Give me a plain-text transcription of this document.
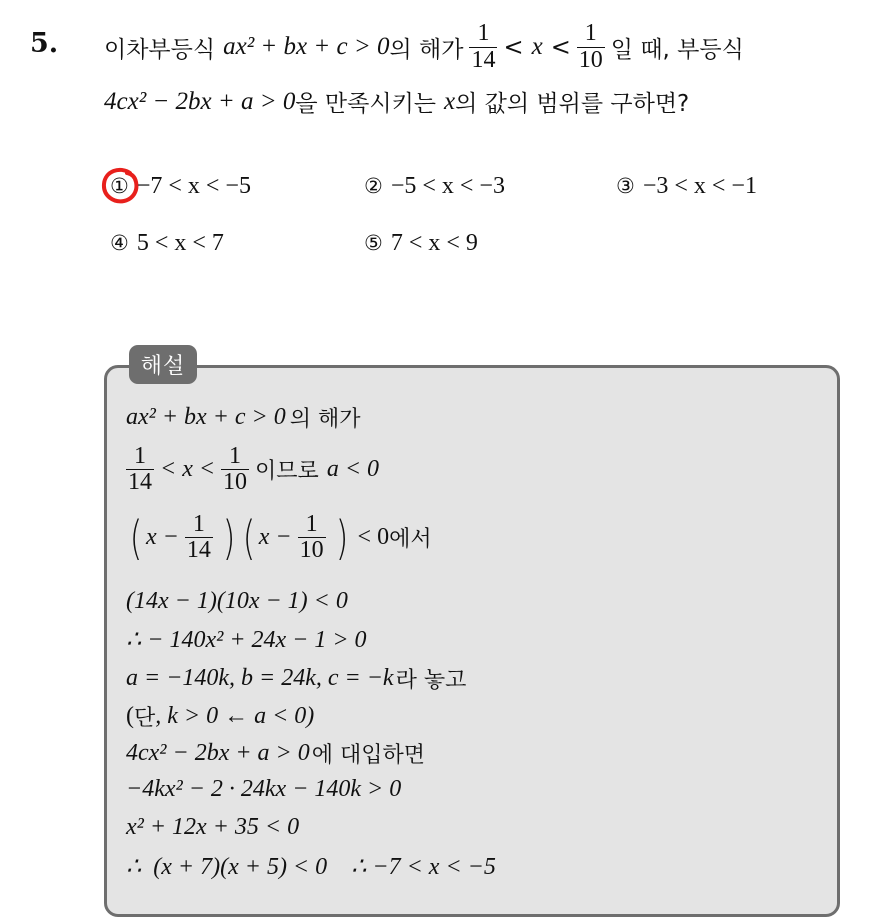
5. 이차부등식 ax² + bx + c > 0 의 해가 $\frac{1}{14} < x < \frac{1}{10}$ 일 때, 부등식
4cx² − 2bx + a > 0 을 만족시키는 x 의 값의 범위를 구하면?
① −7 < x < −5	② −5 < x < −3	③ −3 < x < −1
④ 5 < x < 7	⑤ 7 < x < 9
해설
ax² + bx + c > 0 의 해가
$\frac{1}{14} < x < \frac{1}{10}$ 이므로 a < 0
( $x - \frac{1}{14}$ ) ( $x - \frac{1}{10}$ ) < 0 에서
(14x − 1)(10x − 1) < 0
∴ − 140x² + 24x − 1 > 0
a = −140k, b = 24k, c = −k 라 놓고
( 단 , k > 0 ← a < 0)
4cx² − 2bx + a > 0 에 대입하면
−4kx² − 2 · 24kx − 140k > 0
x² + 12x + 35 < 0
∴  (x + 7)(x + 5) < 0    ∴ −7 < x < −5
